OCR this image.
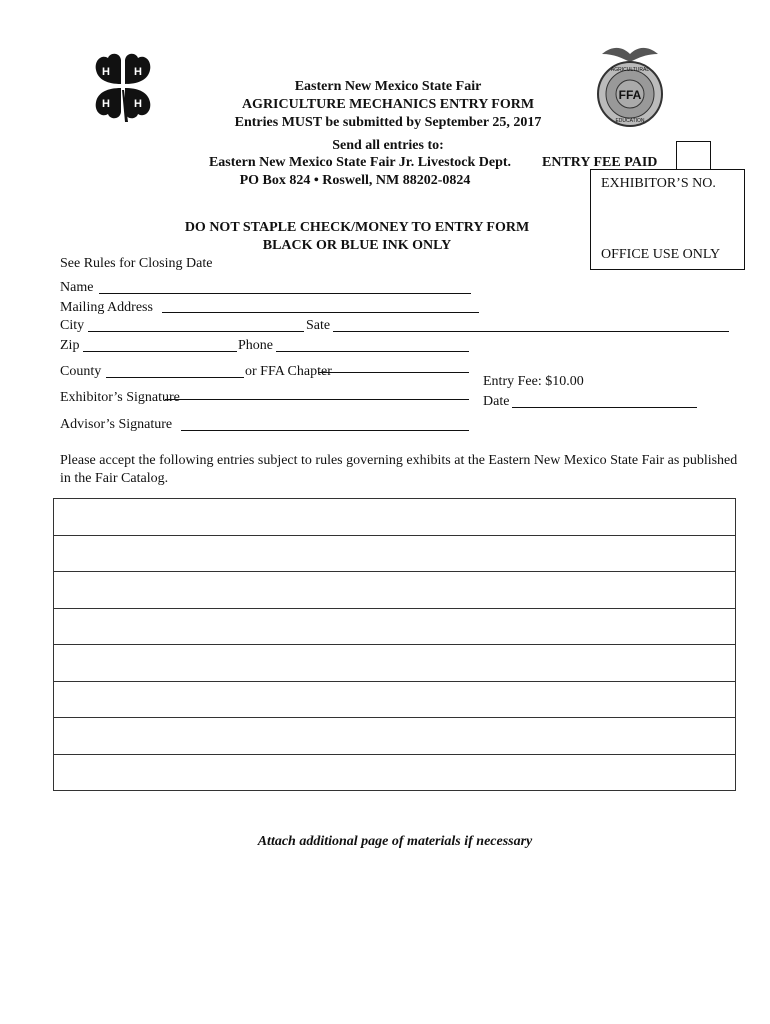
H H
H H
FFA
AGRICULTURAL
EDUCATION
Eastern New Mexico State Fair
AGRICULTURE MECHANICS ENTRY FORM
Entries MUST be submitted by September 25, 2017
Send all entries to:
Eastern New Mexico State Fair Jr. Livestock Dept.
PO Box 824 • Roswell, NM 88202-0824
ENTRY FEE PAID
EXHIBITOR’S NO.
OFFICE USE ONLY
DO NOT STAPLE CHECK/MONEY TO ENTRY FORM
BLACK OR BLUE INK ONLY
See Rules for Closing Date
Name
Mailing Address
City	Sate
Zip	Phone
County	or FFA Chapter
Exhibitor’s Signature
Entry Fee: $10.00
Date
Advisor’s Signature
Please accept the following entries subject to rules governing exhibits at the Eastern New Mexico State Fair as published in the Fair Catalog.
Attach additional page of materials if necessary
